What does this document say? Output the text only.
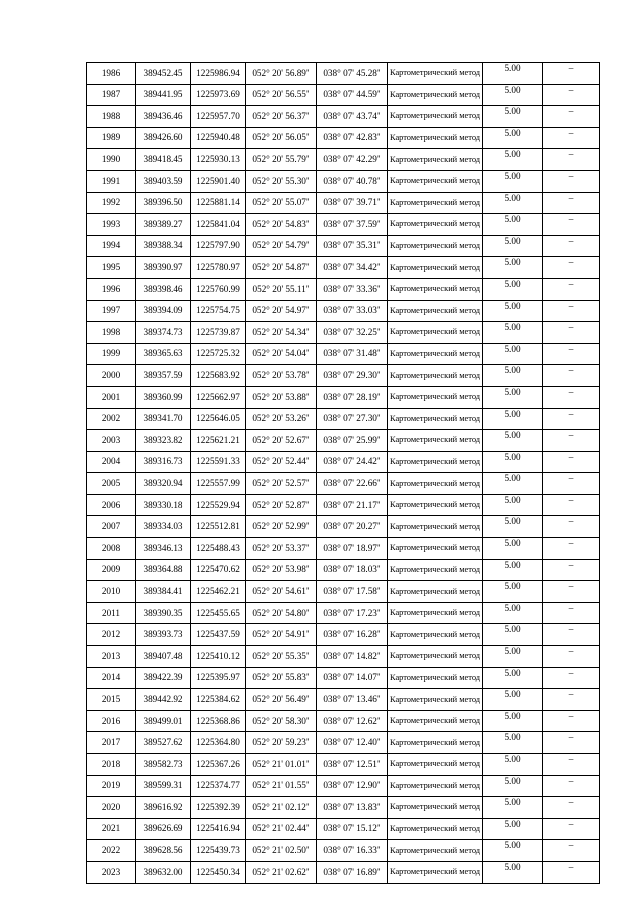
1986	389452.45	1225986.94	052° 20' 56.89"	038° 07' 45.28"	Картометрический метод	5.00	–
1987	389441.95	1225973.69	052° 20' 56.55"	038° 07' 44.59"	Картометрический метод	5.00	–
1988	389436.46	1225957.70	052° 20' 56.37"	038° 07' 43.74"	Картометрический метод	5.00	–
1989	389426.60	1225940.48	052° 20' 56.05"	038° 07' 42.83"	Картометрический метод	5.00	–
1990	389418.45	1225930.13	052° 20' 55.79"	038° 07' 42.29"	Картометрический метод	5.00	–
1991	389403.59	1225901.40	052° 20' 55.30"	038° 07' 40.78"	Картометрический метод	5.00	–
1992	389396.50	1225881.14	052° 20' 55.07"	038° 07' 39.71"	Картометрический метод	5.00	–
1993	389389.27	1225841.04	052° 20' 54.83"	038° 07' 37.59"	Картометрический метод	5.00	–
1994	389388.34	1225797.90	052° 20' 54.79"	038° 07' 35.31"	Картометрический метод	5.00	–
1995	389390.97	1225780.97	052° 20' 54.87"	038° 07' 34.42"	Картометрический метод	5.00	–
1996	389398.46	1225760.99	052° 20' 55.11"	038° 07' 33.36"	Картометрический метод	5.00	–
1997	389394.09	1225754.75	052° 20' 54.97"	038° 07' 33.03"	Картометрический метод	5.00	–
1998	389374.73	1225739.87	052° 20' 54.34"	038° 07' 32.25"	Картометрический метод	5.00	–
1999	389365.63	1225725.32	052° 20' 54.04"	038° 07' 31.48"	Картометрический метод	5.00	–
2000	389357.59	1225683.92	052° 20' 53.78"	038° 07' 29.30"	Картометрический метод	5.00	–
2001	389360.99	1225662.97	052° 20' 53.88"	038° 07' 28.19"	Картометрический метод	5.00	–
2002	389341.70	1225646.05	052° 20' 53.26"	038° 07' 27.30"	Картометрический метод	5.00	–
2003	389323.82	1225621.21	052° 20' 52.67"	038° 07' 25.99"	Картометрический метод	5.00	–
2004	389316.73	1225591.33	052° 20' 52.44"	038° 07' 24.42"	Картометрический метод	5.00	–
2005	389320.94	1225557.99	052° 20' 52.57"	038° 07' 22.66"	Картометрический метод	5.00	–
2006	389330.18	1225529.94	052° 20' 52.87"	038° 07' 21.17"	Картометрический метод	5.00	–
2007	389334.03	1225512.81	052° 20' 52.99"	038° 07' 20.27"	Картометрический метод	5.00	–
2008	389346.13	1225488.43	052° 20' 53.37"	038° 07' 18.97"	Картометрический метод	5.00	–
2009	389364.88	1225470.62	052° 20' 53.98"	038° 07' 18.03"	Картометрический метод	5.00	–
2010	389384.41	1225462.21	052° 20' 54.61"	038° 07' 17.58"	Картометрический метод	5.00	–
2011	389390.35	1225455.65	052° 20' 54.80"	038° 07' 17.23"	Картометрический метод	5.00	–
2012	389393.73	1225437.59	052° 20' 54.91"	038° 07' 16.28"	Картометрический метод	5.00	–
2013	389407.48	1225410.12	052° 20' 55.35"	038° 07' 14.82"	Картометрический метод	5.00	–
2014	389422.39	1225395.97	052° 20' 55.83"	038° 07' 14.07"	Картометрический метод	5.00	–
2015	389442.92	1225384.62	052° 20' 56.49"	038° 07' 13.46"	Картометрический метод	5.00	–
2016	389499.01	1225368.86	052° 20' 58.30"	038° 07' 12.62"	Картометрический метод	5.00	–
2017	389527.62	1225364.80	052° 20' 59.23"	038° 07' 12.40"	Картометрический метод	5.00	–
2018	389582.73	1225367.26	052° 21' 01.01"	038° 07' 12.51"	Картометрический метод	5.00	–
2019	389599.31	1225374.77	052° 21' 01.55"	038° 07' 12.90"	Картометрический метод	5.00	–
2020	389616.92	1225392.39	052° 21' 02.12"	038° 07' 13.83"	Картометрический метод	5.00	–
2021	389626.69	1225416.94	052° 21' 02.44"	038° 07' 15.12"	Картометрический метод	5.00	–
2022	389628.56	1225439.73	052° 21' 02.50"	038° 07' 16.33"	Картометрический метод	5.00	–
2023	389632.00	1225450.34	052° 21' 02.62"	038° 07' 16.89"	Картометрический метод	5.00	–
